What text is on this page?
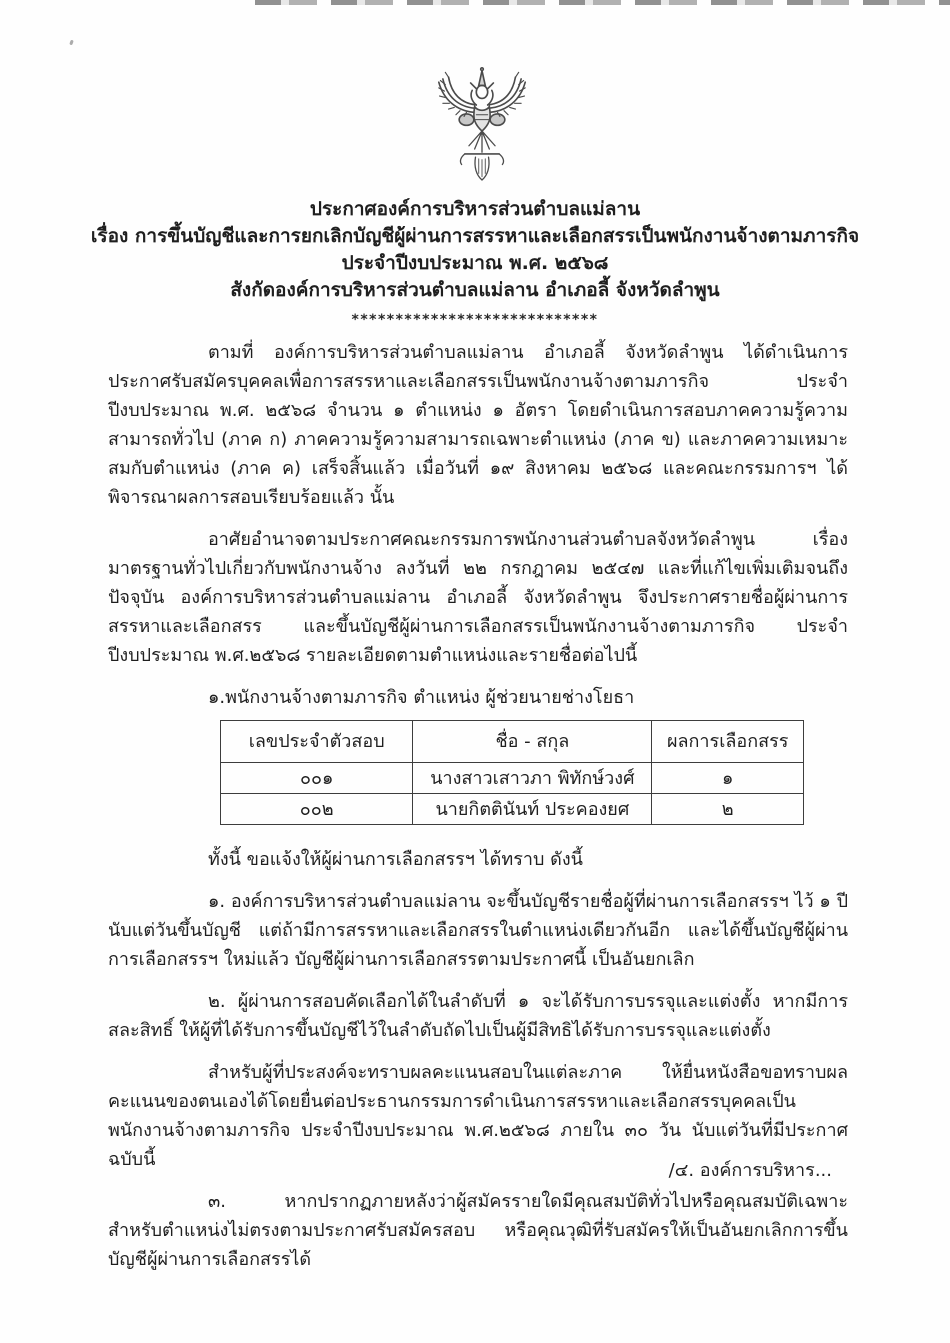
ประกาศองค์การบริหารส่วนตำบลแม่ลาน
เรื่อง การขึ้นบัญชีและการยกเลิกบัญชีผู้ผ่านการสรรหาและเลือกสรรเป็นพนักงานจ้างตามภารกิจ
ประจำปีงบประมาณ พ.ศ. ๒๕๖๘
สังกัดองค์การบริหารส่วนตำบลแม่ลาน อำเภอลี้ จังหวัดลำพูน
****************************

ตามที่ องค์การบริหารส่วนตำบลแม่ลาน อำเภอลี้ จังหวัดลำพูน ได้ดำเนินการประกาศรับสมัครบุคคลเพื่อการสรรหาและเลือกสรรเป็นพนักงานจ้างตามภารกิจ ประจำปีงบประมาณ พ.ศ. ๒๕๖๘ จำนวน ๑ ตำแหน่ง ๑ อัตรา โดยดำเนินการสอบภาคความรู้ความสามารถทั่วไป (ภาค ก) ภาคความรู้ความสามารถเฉพาะตำแหน่ง (ภาค ข) และภาคความเหมาะสมกับตำแหน่ง (ภาค ค) เสร็จสิ้นแล้ว เมื่อวันที่ ๑๙ สิงหาคม ๒๕๖๘ และคณะกรรมการฯ ได้พิจารณาผลการสอบเรียบร้อยแล้ว นั้น

อาศัยอำนาจตามประกาศคณะกรรมการพนักงานส่วนตำบลจังหวัดลำพูน เรื่อง มาตรฐานทั่วไปเกี่ยวกับพนักงานจ้าง ลงวันที่ ๒๒ กรกฎาคม ๒๕๔๗ และที่แก้ไขเพิ่มเติมจนถึงปัจจุบัน องค์การบริหารส่วนตำบลแม่ลาน อำเภอลี้ จังหวัดลำพูน จึงประกาศรายชื่อผู้ผ่านการสรรหาและเลือกสรร และขึ้นบัญชีผู้ผ่านการเลือกสรรเป็นพนักงานจ้างตามภารกิจ ประจำปีงบประมาณ พ.ศ.๒๕๖๘ รายละเอียดตามตำแหน่งและรายชื่อต่อไปนี้

๑.พนักงานจ้างตามภารกิจ ตำแหน่ง ผู้ช่วยนายช่างโยธา

เลขประจำตัวสอบ	ชื่อ - สกุล	ผลการเลือกสรร
๐๐๑	นางสาวเสาวภา พิทักษ์วงศ์	๑
๐๐๒	นายกิตตินันท์ ประคองยศ	๒

ทั้งนี้ ขอแจ้งให้ผู้ผ่านการเลือกสรรฯ ได้ทราบ ดังนี้

๑. องค์การบริหารส่วนตำบลแม่ลาน จะขึ้นบัญชีรายชื่อผู้ที่ผ่านการเลือกสรรฯ ไว้ ๑ ปี นับแต่วันขึ้นบัญชี แต่ถ้ามีการสรรหาและเลือกสรรในตำแหน่งเดียวกันอีก และได้ขึ้นบัญชีผู้ผ่านการเลือกสรรฯ ใหม่แล้ว บัญชีผู้ผ่านการเลือกสรรตามประกาศนี้ เป็นอันยกเลิก

๒. ผู้ผ่านการสอบคัดเลือกได้ในลำดับที่ ๑ จะได้รับการบรรจุและแต่งตั้ง หากมีการสละสิทธิ์ ให้ผู้ที่ได้รับการขึ้นบัญชีไว้ในลำดับถัดไปเป็นผู้มีสิทธิได้รับการบรรจุและแต่งตั้ง

สำหรับผู้ที่ประสงค์จะทราบผลคะแนนสอบในแต่ละภาค ให้ยื่นหนังสือขอทราบผลคะแนนของตนเองได้โดยยื่นต่อประธานกรรมการดำเนินการสรรหาและเลือกสรรบุคคลเป็นพนักงานจ้างตามภารกิจ ประจำปีงบประมาณ พ.ศ.๒๕๖๘ ภายใน ๓๐ วัน นับแต่วันที่มีประกาศฉบับนี้

๓. หากปรากฏภายหลังว่าผู้สมัครรายใดมีคุณสมบัติทั่วไปหรือคุณสมบัติเฉพาะสำหรับตำแหน่งไม่ตรงตามประกาศรับสมัครสอบ หรือคุณวุฒิที่รับสมัครให้เป็นอันยกเลิกการขึ้นบัญชีผู้ผ่านการเลือกสรรได้

/๔. องค์การบริหาร...
